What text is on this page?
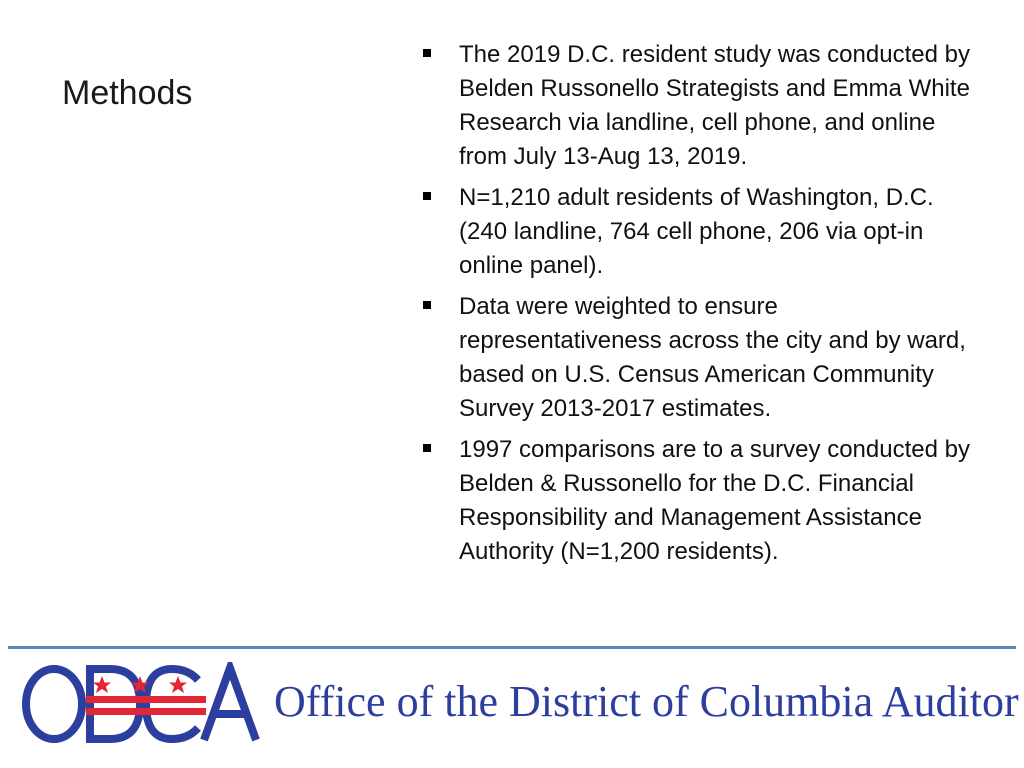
Methods
The 2019 D.C. resident study was conducted by Belden Russonello Strategists and Emma White Research via landline, cell phone, and online from July 13-Aug 13, 2019.
N=1,210 adult residents of Washington, D.C. (240 landline, 764 cell phone, 206 via opt-in online panel).
Data were weighted to ensure representativeness across the city and by ward, based on U.S. Census American Community Survey 2013-2017 estimates.
1997 comparisons are to a survey conducted by Belden & Russonello for the D.C. Financial Responsibility and Management Assistance Authority (N=1,200 residents).
Office of the District of Columbia Auditor
